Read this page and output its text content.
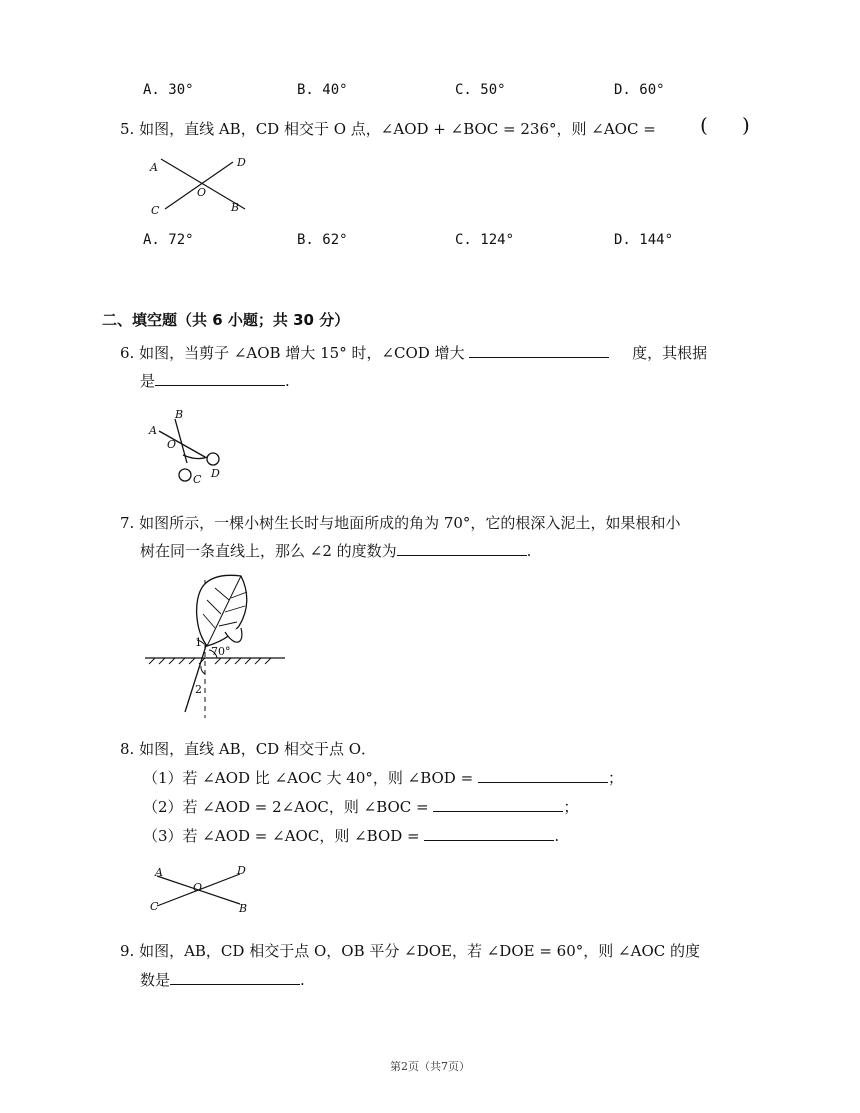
A. 30°	B. 40°	C. 50°	D. 60°
5. 如图，直线 AB，CD 相交于 O 点，∠AOD + ∠BOC = 236°，则 ∠AOC = ( )
A	D
O
C	B
A. 72°	B. 62°	C. 124°	D. 144°
二、填空题（共 6 小题；共 30 分）
6. 如图，当剪子 ∠AOB 增大 15° 时，∠COD 增大	度，其根据
是	.
B
A
O
D
C
7. 如图所示，一棵小树生长时与地面所成的角为 70°，它的根深入泥土，如果根和小
树在同一条直线上，那么 ∠2 的度数为	.
1
70°
2
8. 如图，直线 AB，CD 相交于点 O．
（1）若 ∠AOD 比 ∠AOC 大 40°，则 ∠BOD =	；
（2）若 ∠AOD = 2∠AOC，则 ∠BOC =	；
（3）若 ∠AOD = ∠AOC，则 ∠BOD =	.
A	D
O
C	B
9. 如图，AB，CD 相交于点 O，OB 平分 ∠DOE，若 ∠DOE = 60°，则 ∠AOC 的度
数是	.
第2页（共7页）
